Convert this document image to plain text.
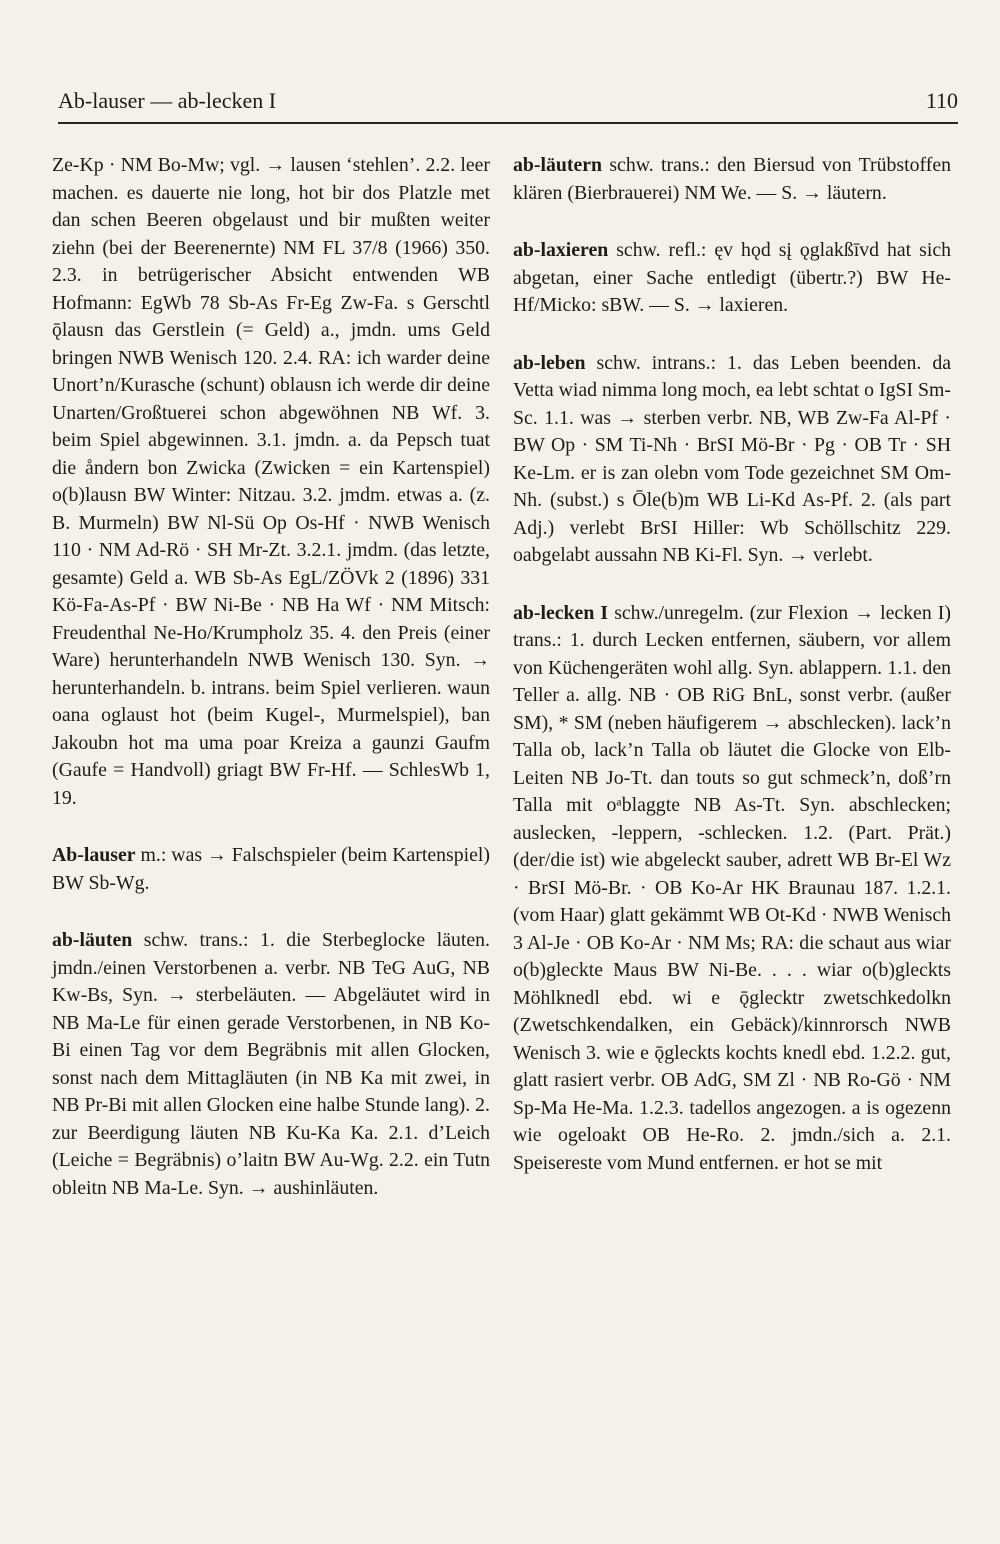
Ab-lauser — ab-lecken I	110

Ze-Kp · NM Bo-Mw; vgl. → lausen ‘stehlen’. 2.2. leer machen. es dauerte nie long, hot bir dos Platzle met dan schen Beeren obgelaust und bir mußten weiter ziehn (bei der Beerenernte) NM FL 37/8 (1966) 350. 2.3. in betrügerischer Absicht entwenden WB Hofmann: EgWb 78 Sb-As Fr-Eg Zw-Fa. s Gerschtl ǭlausn das Gerstlein (= Geld) a., jmdn. ums Geld bringen NWB Wenisch 120. 2.4. RA: ich warder deine Unort’n/Kurasche (schunt) oblausn ich werde dir deine Unarten/Großtuerei schon abgewöhnen NB Wf. 3. beim Spiel abgewinnen. 3.1. jmdn. a. da Pepsch tuat die åndern bon Zwicka (Zwicken = ein Kartenspiel) o(b)lausn BW Winter: Nitzau. 3.2. jmdm. etwas a. (z. B. Murmeln) BW Nl-Sü Op Os-Hf · NWB Wenisch 110 · NM Ad-Rö · SH Mr-Zt. 3.2.1. jmdm. (das letzte, gesamte) Geld a. WB Sb-As EgL/ZÖVk 2 (1896) 331 Kö-Fa-As-Pf · BW Ni-Be · NB Ha Wf · NM Mitsch: Freudenthal Ne-Ho/Krumpholz 35. 4. den Preis (einer Ware) herunterhandeln NWB Wenisch 130. Syn. → herunterhandeln. b. intrans. beim Spiel verlieren. waun oana oglaust hot (beim Kugel-, Murmelspiel), ban Jakoubn hot ma uma poar Kreiza a gaunzi Gaufm (Gaufe = Handvoll) griagt BW Fr-Hf. — SchlesWb 1, 19.

Ab-lauser m.: was → Falschspieler (beim Kartenspiel) BW Sb-Wg.

ab-läuten schw. trans.: 1. die Sterbeglocke läuten. jmdn./einen Verstorbenen a. verbr. NB TeG AuG, NB Kw-Bs, Syn. → sterbeläuten. — Abgeläutet wird in NB Ma-Le für einen gerade Verstorbenen, in NB Ko-Bi einen Tag vor dem Begräbnis mit allen Glocken, sonst nach dem Mittagläuten (in NB Ka mit zwei, in NB Pr-Bi mit allen Glocken eine halbe Stunde lang). 2. zur Beerdigung läuten NB Ku-Ka Ka. 2.1. d’Leich (Leiche = Begräbnis) o’laitn BW Au-Wg. 2.2. ein Tutn obleitn NB Ma-Le. Syn. → aushinläuten.

ab-läutern schw. trans.: den Biersud von Trübstoffen klären (Bierbrauerei) NM We. — S. → läutern.

ab-laxieren schw. refl.: ęv hǫd sį ǫglakßīvd hat sich abgetan, einer Sache entledigt (übertr.?) BW He-Hf/Micko: sBW. — S. → laxieren.

ab-leben schw. intrans.: 1. das Leben beenden. da Vetta wiad nimma long moch, ea lebt schtat o IgSI Sm-Sc. 1.1. was → sterben verbr. NB, WB Zw-Fa Al-Pf · BW Op · SM Ti-Nh · BrSI Mö-Br · Pg · OB Tr · SH Ke-Lm. er is zan olebn vom Tode gezeichnet SM Om-Nh. (subst.) s Ōle(b)m WB Li-Kd As-Pf. 2. (als part Adj.) verlebt BrSI Hiller: Wb Schöllschitz 229. oabgelabt aussahn NB Ki-Fl. Syn. → verlebt.

ab-lecken I schw./unregelm. (zur Flexion → lecken I) trans.: 1. durch Lecken entfernen, säubern, vor allem von Küchengeräten wohl allg. Syn. ablappern. 1.1. den Teller a. allg. NB · OB RiG BnL, sonst verbr. (außer SM), * SM (neben häufigerem → abschlecken). lack’n Talla ob, lack’n Talla ob läutet die Glocke von Elb-Leiten NB Jo-Tt. dan touts so gut schmeck’n, doß’rn Talla mit oᵃblaggte NB As-Tt. Syn. abschlecken; auslecken, -leppern, -schlecken. 1.2. (Part. Prät.) (der/die ist) wie abgeleckt sauber, adrett WB Br-El Wz · BrSI Mö-Br. · OB Ko-Ar HK Braunau 187. 1.2.1. (vom Haar) glatt gekämmt WB Ot-Kd · NWB Wenisch 3 Al-Je · OB Ko-Ar · NM Ms; RA: die schaut aus wiar o(b)gleckte Maus BW Ni-Be. . . . wiar o(b)gleckts Möhlknedl ebd. wi e ǭglecktr zwetschkedolkn (Zwetschkendalken, ein Gebäck)/kinnrorsch NWB Wenisch 3. wie e ǭgleckts kochts knedl ebd. 1.2.2. gut, glatt rasiert verbr. OB AdG, SM Zl · NB Ro-Gö · NM Sp-Ma He-Ma. 1.2.3. tadellos angezogen. a is ogezenn wie ogeloakt OB He-Ro. 2. jmdn./sich a. 2.1. Speisereste vom Mund entfernen. er hot se mit
